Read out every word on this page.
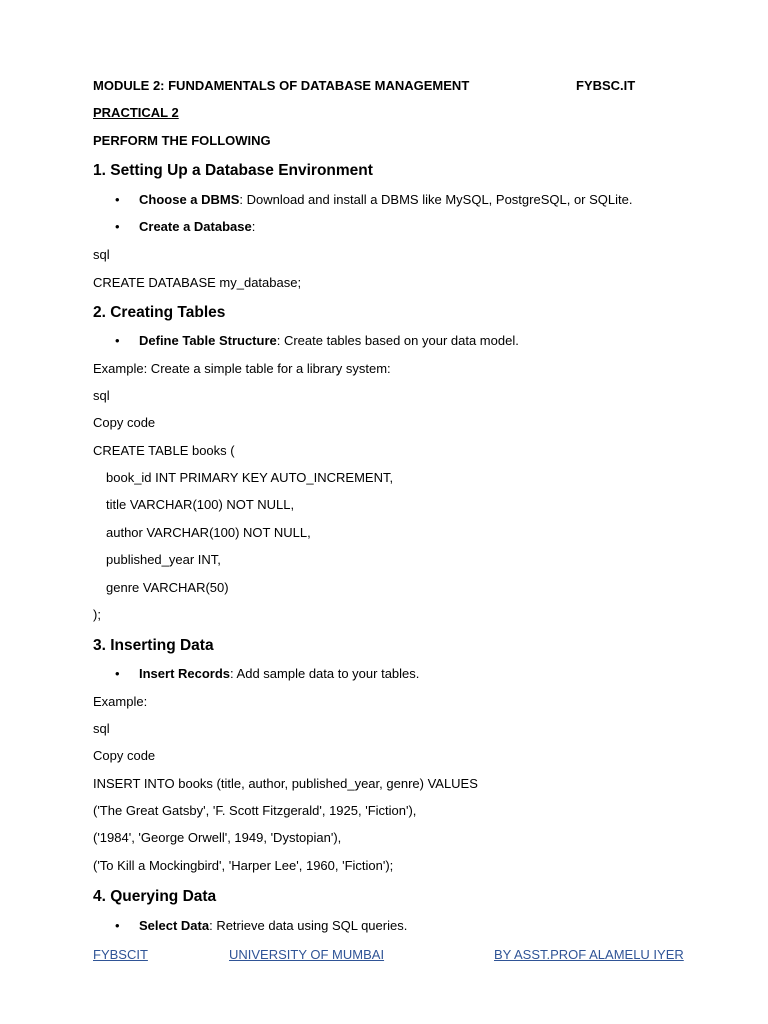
MODULE 2: FUNDAMENTALS OF DATABASE MANAGEMENT	FYBSC.IT
PRACTICAL 2
PERFORM THE FOLLOWING
1. Setting Up a Database Environment
• Choose a DBMS: Download and install a DBMS like MySQL, PostgreSQL, or SQLite.
• Create a Database:
sql
CREATE DATABASE my_database;
2. Creating Tables
• Define Table Structure: Create tables based on your data model.
Example: Create a simple table for a library system:
sql
Copy code
CREATE TABLE books (
book_id INT PRIMARY KEY AUTO_INCREMENT,
title VARCHAR(100) NOT NULL,
author VARCHAR(100) NOT NULL,
published_year INT,
genre VARCHAR(50)
);
3. Inserting Data
• Insert Records: Add sample data to your tables.
Example:
sql
Copy code
INSERT INTO books (title, author, published_year, genre) VALUES
('The Great Gatsby', 'F. Scott Fitzgerald', 1925, 'Fiction'),
('1984', 'George Orwell', 1949, 'Dystopian'),
('To Kill a Mockingbird', 'Harper Lee', 1960, 'Fiction');
4. Querying Data
• Select Data: Retrieve data using SQL queries.
FYBSCIT	UNIVERSITY OF MUMBAI	BY ASST.PROF ALAMELU IYER
